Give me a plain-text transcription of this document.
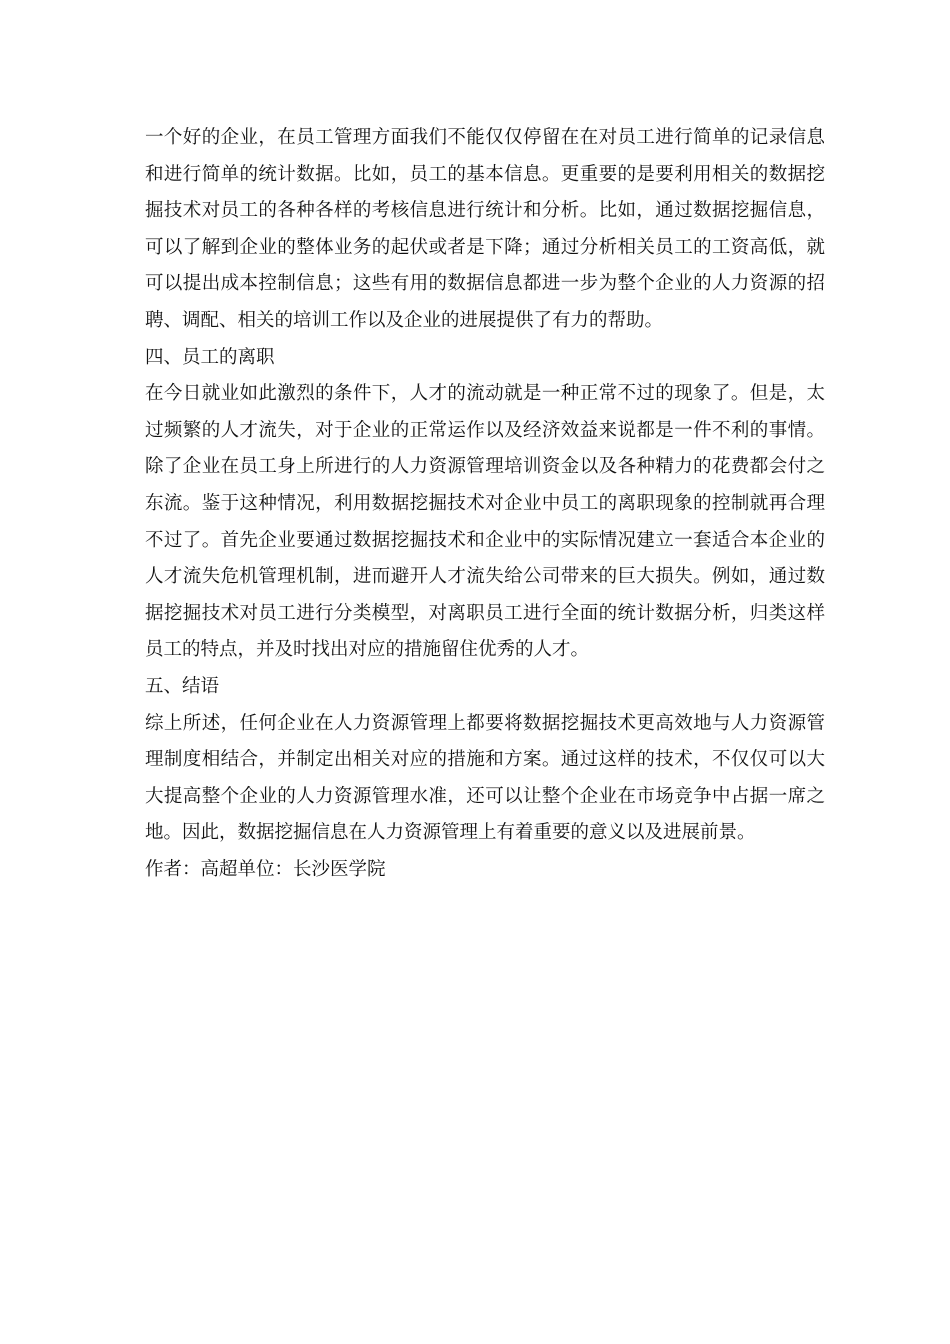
一个好的企业，在员工管理方面我们不能仅仅停留在在对员工进行简单的记录信息和进行简单的统计数据。比如，员工的基本信息。更重要的是要利用相关的数据挖掘技术对员工的各种各样的考核信息进行统计和分析。比如，通过数据挖掘信息，可以了解到企业的整体业务的起伏或者是下降；通过分析相关员工的工资高低，就可以提出成本控制信息；这些有用的数据信息都进一步为整个企业的人力资源的招聘、调配、相关的培训工作以及企业的进展提供了有力的帮助。

四、员工的离职

在今日就业如此激烈的条件下，人才的流动就是一种正常不过的现象了。但是，太过频繁的人才流失，对于企业的正常运作以及经济效益来说都是一件不利的事情。除了企业在员工身上所进行的人力资源管理培训资金以及各种精力的花费都会付之东流。鉴于这种情况，利用数据挖掘技术对企业中员工的离职现象的控制就再合理不过了。首先企业要通过数据挖掘技术和企业中的实际情况建立一套适合本企业的人才流失危机管理机制，进而避开人才流失给公司带来的巨大损失。例如，通过数据挖掘技术对员工进行分类模型，对离职员工进行全面的统计数据分析，归类这样员工的特点，并及时找出对应的措施留住优秀的人才。

五、结语

综上所述，任何企业在人力资源管理上都要将数据挖掘技术更高效地与人力资源管理制度相结合，并制定出相关对应的措施和方案。通过这样的技术，不仅仅可以大大提高整个企业的人力资源管理水准，还可以让整个企业在市场竞争中占据一席之地。因此，数据挖掘信息在人力资源管理上有着重要的意义以及进展前景。

作者：高超单位：长沙医学院
